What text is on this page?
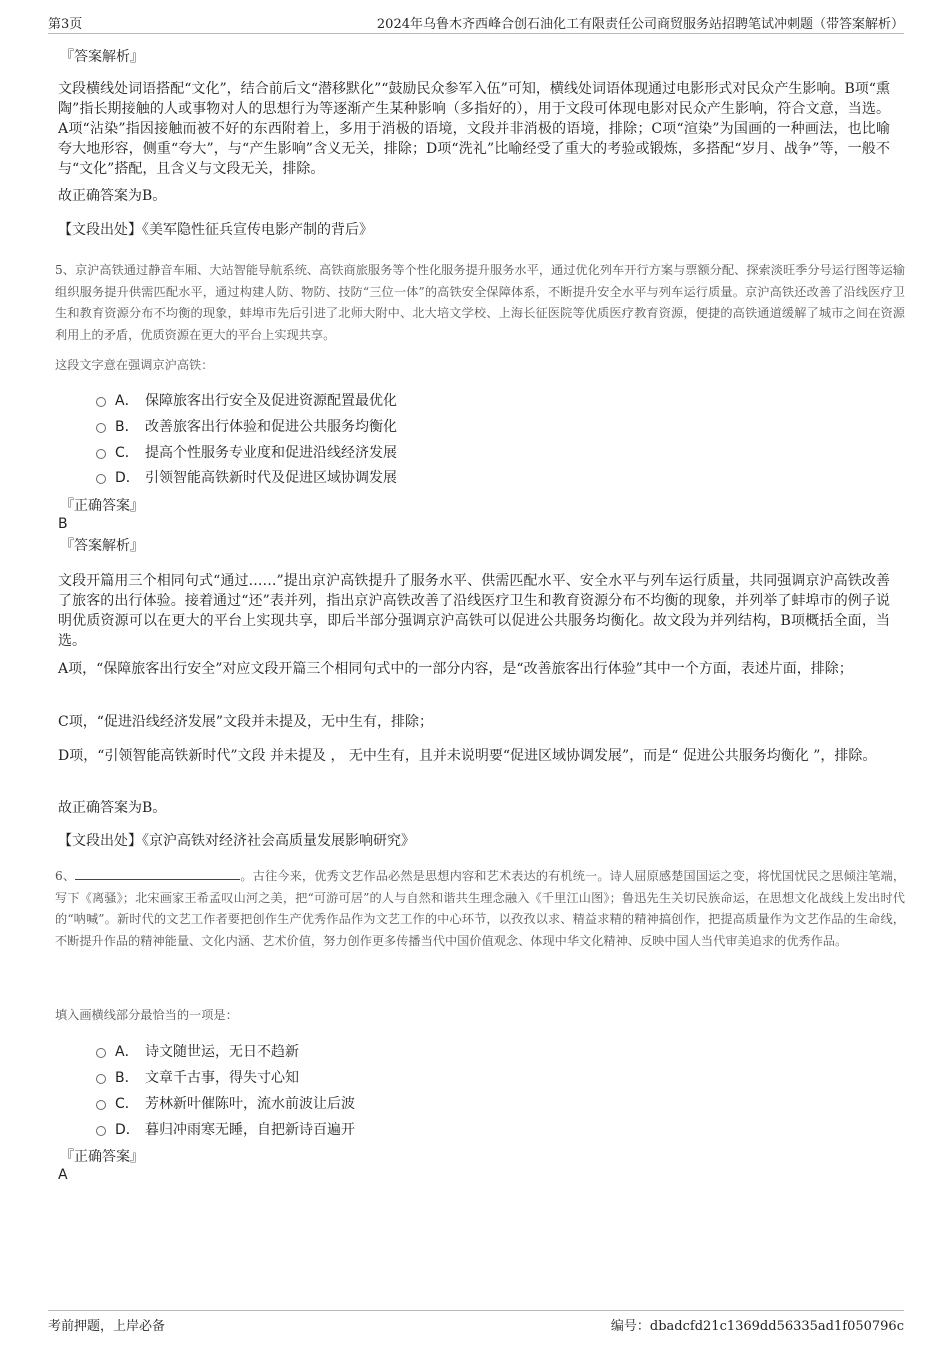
第3页	2024年乌鲁木齐西峰合创石油化工有限责任公司商贸服务站招聘笔试冲刺题（带答案解析）
『答案解析』
文段横线处词语搭配“文化”，结合前后文“潜移默化”“鼓励民众参军入伍”可知，横线处词语体现通过电影形式对民众产生影响。B项“熏陶”指长期接触的人或事物对人的思想行为等逐渐产生某种影响（多指好的），用于文段可体现电影对民众产生影响，符合文意，当选。A项“沾染”指因接触而被不好的东西附着上，多用于消极的语境，文段并非消极的语境，排除；C项“渲染”为国画的一种画法，也比喻夸大地形容，侧重“夸大”，与“产生影响”含义无关，排除；D项“洗礼”比喻经受了重大的考验或锻炼，多搭配“岁月、战争”等，一般不与“文化”搭配，且含义与文段无关，排除。
故正确答案为B。
【文段出处】《美军隐性征兵宣传电影产制的背后》
5、京沪高铁通过静音车厢、大站智能导航系统、高铁商旅服务等个性化服务提升服务水平，通过优化列车开行方案与票额分配、探索淡旺季分号运行图等运输组织服务提升供需匹配水平，通过构建人防、物防、技防“三位一体”的高铁安全保障体系，不断提升安全水平与列车运行质量。京沪高铁还改善了沿线医疗卫生和教育资源分布不均衡的现象，蚌埠市先后引进了北师大附中、北大培文学校、上海长征医院等优质医疗教育资源，便捷的高铁通道缓解了城市之间在资源利用上的矛盾，优质资源在更大的平台上实现共享。
这段文字意在强调京沪高铁：
A． 保障旅客出行安全及促进资源配置最优化
B． 改善旅客出行体验和促进公共服务均衡化
C． 提高个性服务专业度和促进沿线经济发展
D． 引领智能高铁新时代及促进区域协调发展
『正确答案』
B
『答案解析』
文段开篇用三个相同句式“通过……”提出京沪高铁提升了服务水平、供需匹配水平、安全水平与列车运行质量，共同强调京沪高铁改善了旅客的出行体验。接着通过“还”表并列，指出京沪高铁改善了沿线医疗卫生和教育资源分布不均衡的现象，并列举了蚌埠市的例子说明优质资源可以在更大的平台上实现共享，即后半部分强调京沪高铁可以促进公共服务均衡化。故文段为并列结构，B项概括全面，当选。
A项，“保障旅客出行安全”对应文段开篇三个相同句式中的一部分内容，是“改善旅客出行体验”其中一个方面，表述片面，排除；
C项，“促进沿线经济发展”文段并未提及，无中生有，排除；
D项，“引领智能高铁新时代”文段 并未提及 ， 无中生有，且并未说明要“促进区域协调发展”，而是“ 促进公共服务均衡化 ”，排除。
故正确答案为B。
【文段出处】《京沪高铁对经济社会高质量发展影响研究》
6、	。古往今来，优秀文艺作品必然是思想内容和艺术表达的有机统一。诗人屈原感楚国国运之变，将忧国忧民之思倾注笔端，写下《离骚》；北宋画家王希孟叹山河之美，把“可游可居”的人与自然和谐共生理念融入《千里江山图》；鲁迅先生关切民族命运，在思想文化战线上发出时代的“呐喊”。新时代的文艺工作者要把创作生产优秀作品作为文艺工作的中心环节，以孜孜以求、精益求精的精神搞创作，把提高质量作为文艺作品的生命线，不断提升作品的精神能量、文化内涵、艺术价值，努力创作更多传播当代中国价值观念、体现中华文化精神、反映中国人当代审美追求的优秀作品。
填入画横线部分最恰当的一项是：
A． 诗文随世运，无日不趋新
B． 文章千古事，得失寸心知
C． 芳林新叶催陈叶，流水前波让后波
D． 暮归冲雨寒无睡，自把新诗百遍开
『正确答案』
A
考前押题，上岸必备	编号：dbadcfd21c1369dd56335ad1f050796c
